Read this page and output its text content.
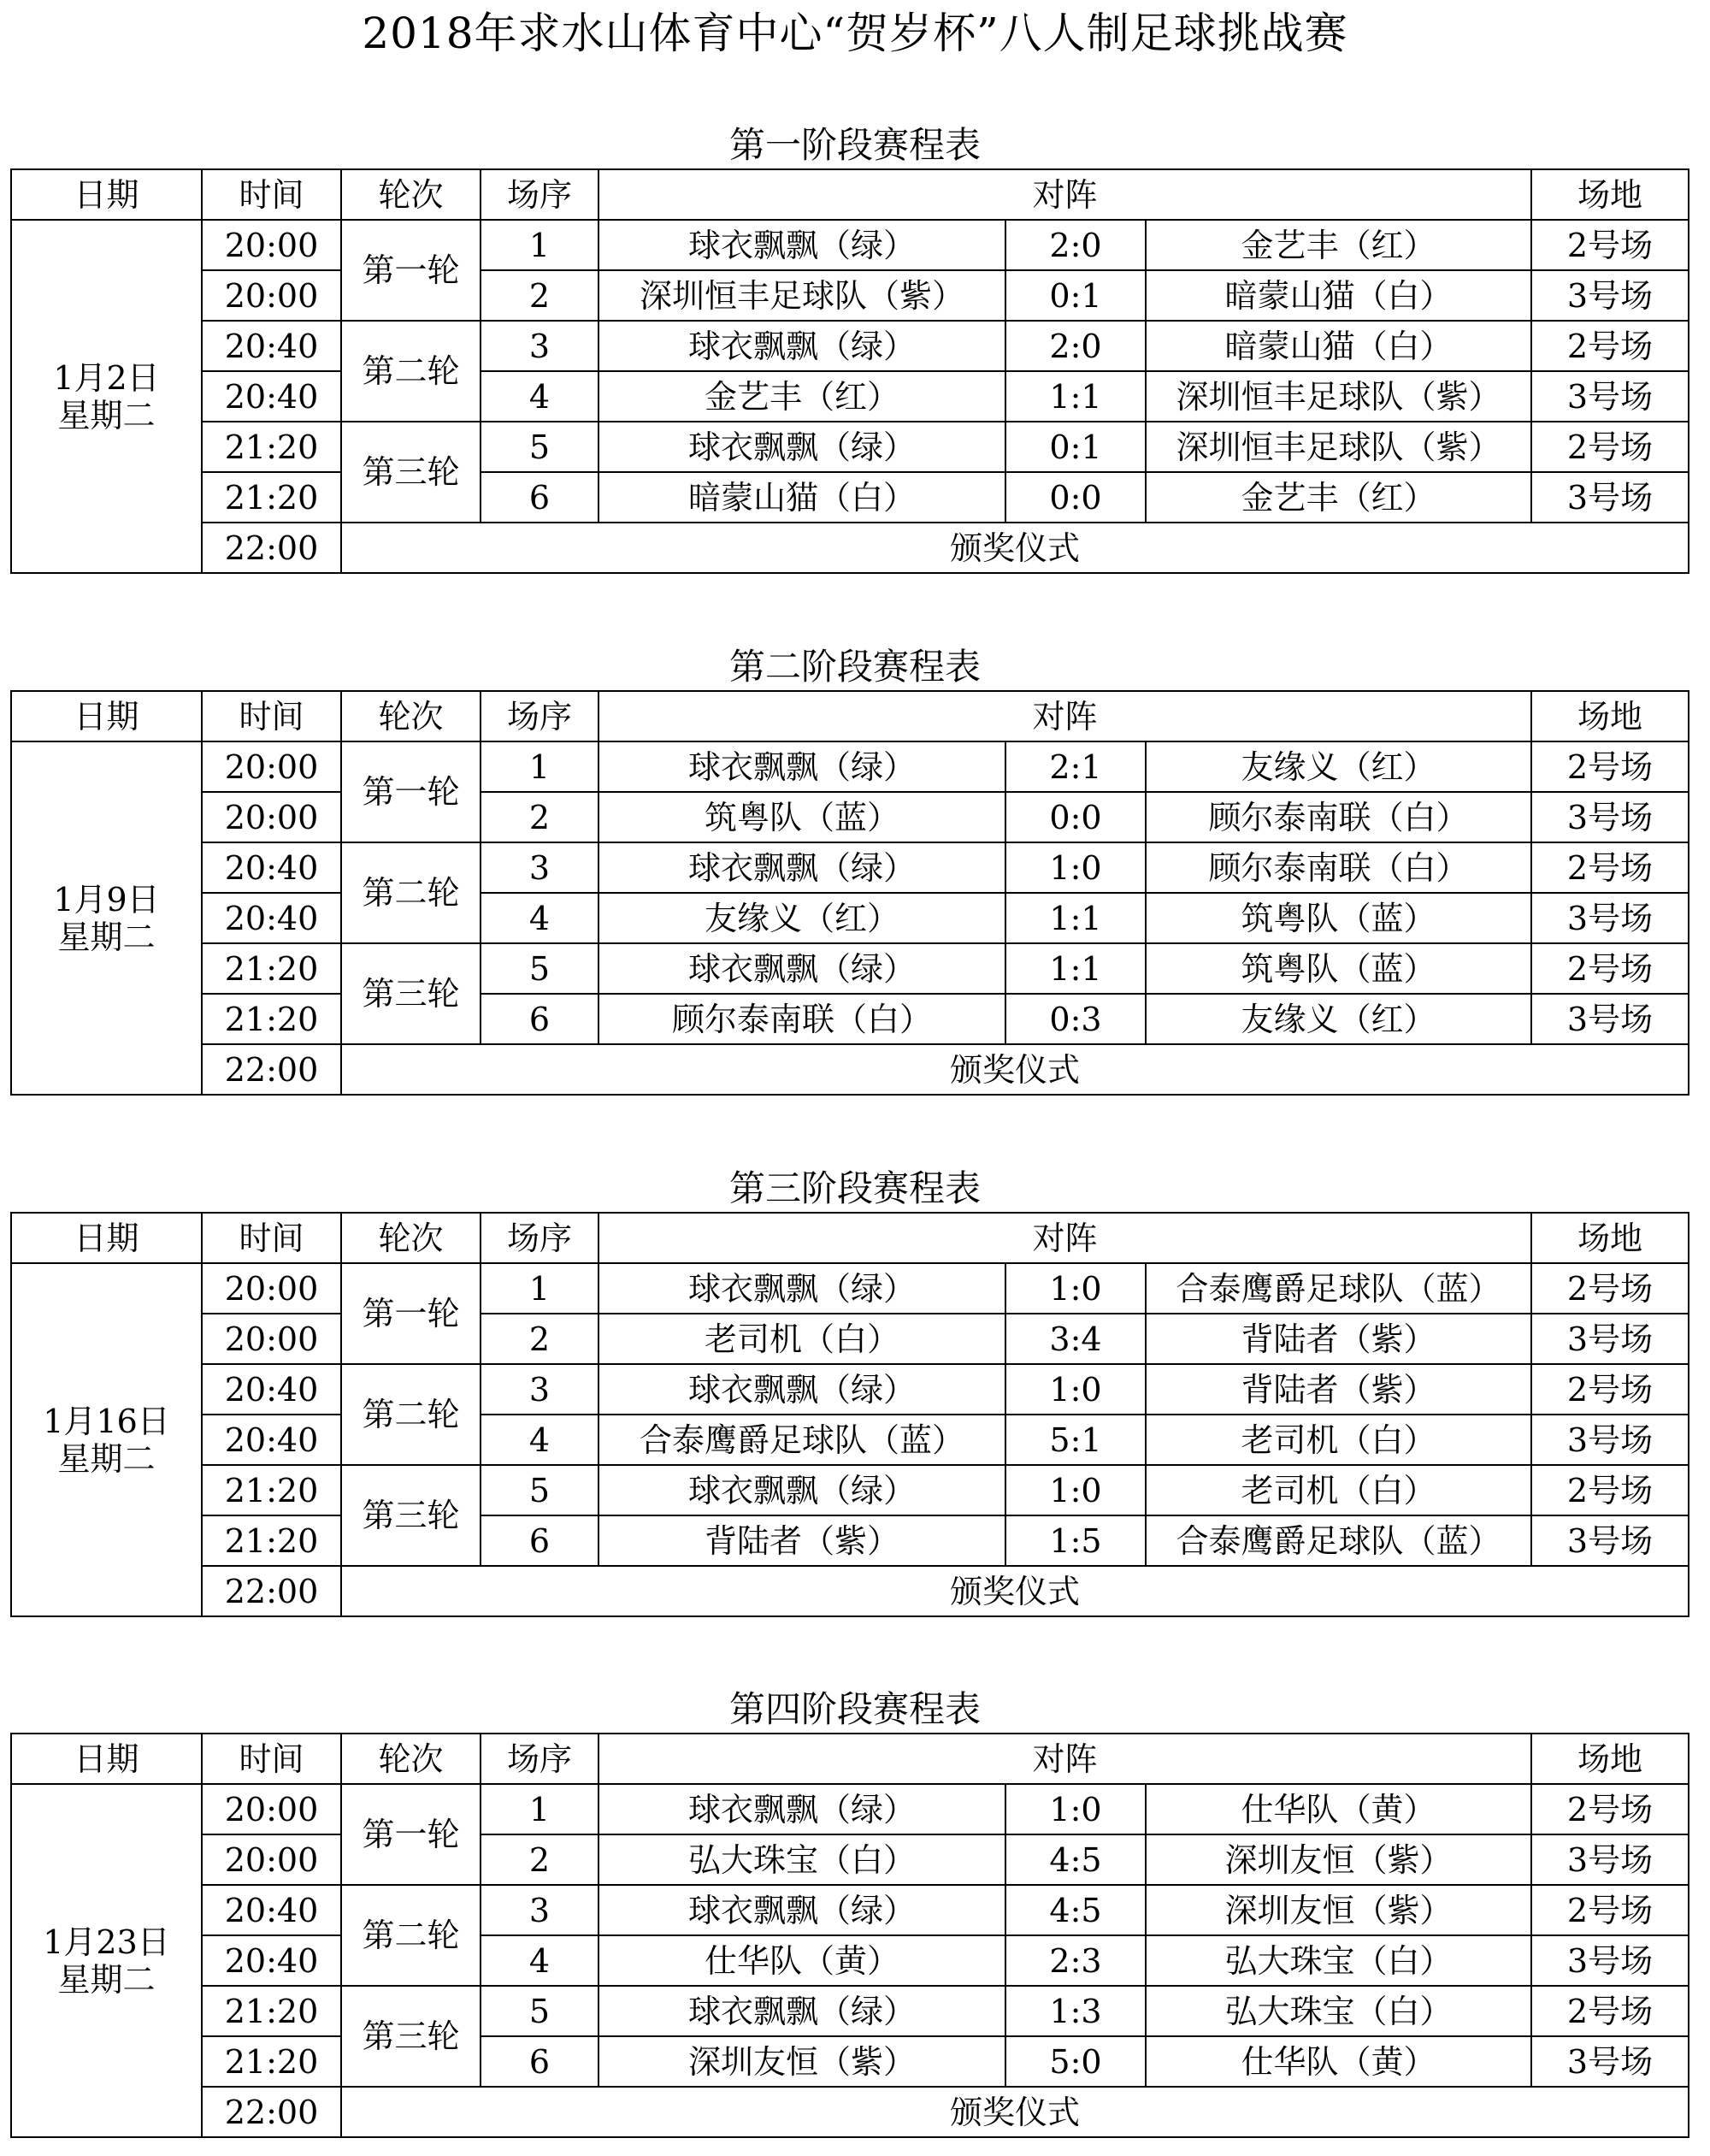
2018年求水山体育中心“贺岁杯”八人制足球挑战赛
第一阶段赛程表
日期	时间	轮次	场序	对阵			场地

1月2日
星期二	20:00	第一轮	1	球衣飘飘（绿）	2:0	金艺丰（红）	2号场
	20:00		2	深圳恒丰足球队（紫）	0:1	暗蒙山猫（白）	3号场
	20:40	第二轮	3	球衣飘飘（绿）	2:0	暗蒙山猫（白）	2号场
	20:40		4	金艺丰（红）	1:1	深圳恒丰足球队（紫）	3号场
	21:20	第三轮	5	球衣飘飘（绿）	0:1	深圳恒丰足球队（紫）	2号场
	21:20		6	暗蒙山猫（白）	0:0	金艺丰（红）	3号场
	22:00	颁奖仪式					
第二阶段赛程表
日期	时间	轮次	场序	对阵			场地

1月9日
星期二	20:00	第一轮	1	球衣飘飘（绿）	2:1	友缘义（红）	2号场
	20:00		2	筑粤队（蓝）	0:0	顾尔泰南联（白）	3号场
	20:40	第二轮	3	球衣飘飘（绿）	1:0	顾尔泰南联（白）	2号场
	20:40		4	友缘义（红）	1:1	筑粤队（蓝）	3号场
	21:20	第三轮	5	球衣飘飘（绿）	1:1	筑粤队（蓝）	2号场
	21:20		6	顾尔泰南联（白）	0:3	友缘义（红）	3号场
	22:00	颁奖仪式					
第三阶段赛程表
日期	时间	轮次	场序	对阵			场地

1月16日
星期二	20:00	第一轮	1	球衣飘飘（绿）	1:0	合泰鹰爵足球队（蓝）	2号场
	20:00		2	老司机（白）	3:4	背陆者（紫）	3号场
	20:40	第二轮	3	球衣飘飘（绿）	1:0	背陆者（紫）	2号场
	20:40		4	合泰鹰爵足球队（蓝）	5:1	老司机（白）	3号场
	21:20	第三轮	5	球衣飘飘（绿）	1:0	老司机（白）	2号场
	21:20		6	背陆者（紫）	1:5	合泰鹰爵足球队（蓝）	3号场
	22:00	颁奖仪式					
第四阶段赛程表
日期	时间	轮次	场序	对阵			场地

1月23日
星期二	20:00	第一轮	1	球衣飘飘（绿）	1:0	仕华队（黄）	2号场
	20:00		2	弘大珠宝（白）	4:5	深圳友恒（紫）	3号场
	20:40	第二轮	3	球衣飘飘（绿）	4:5	深圳友恒（紫）	2号场
	20:40		4	仕华队（黄）	2:3	弘大珠宝（白）	3号场
	21:20	第三轮	5	球衣飘飘（绿）	1:3	弘大珠宝（白）	2号场
	21:20		6	深圳友恒（紫）	5:0	仕华队（黄）	3号场
	22:00	颁奖仪式					
